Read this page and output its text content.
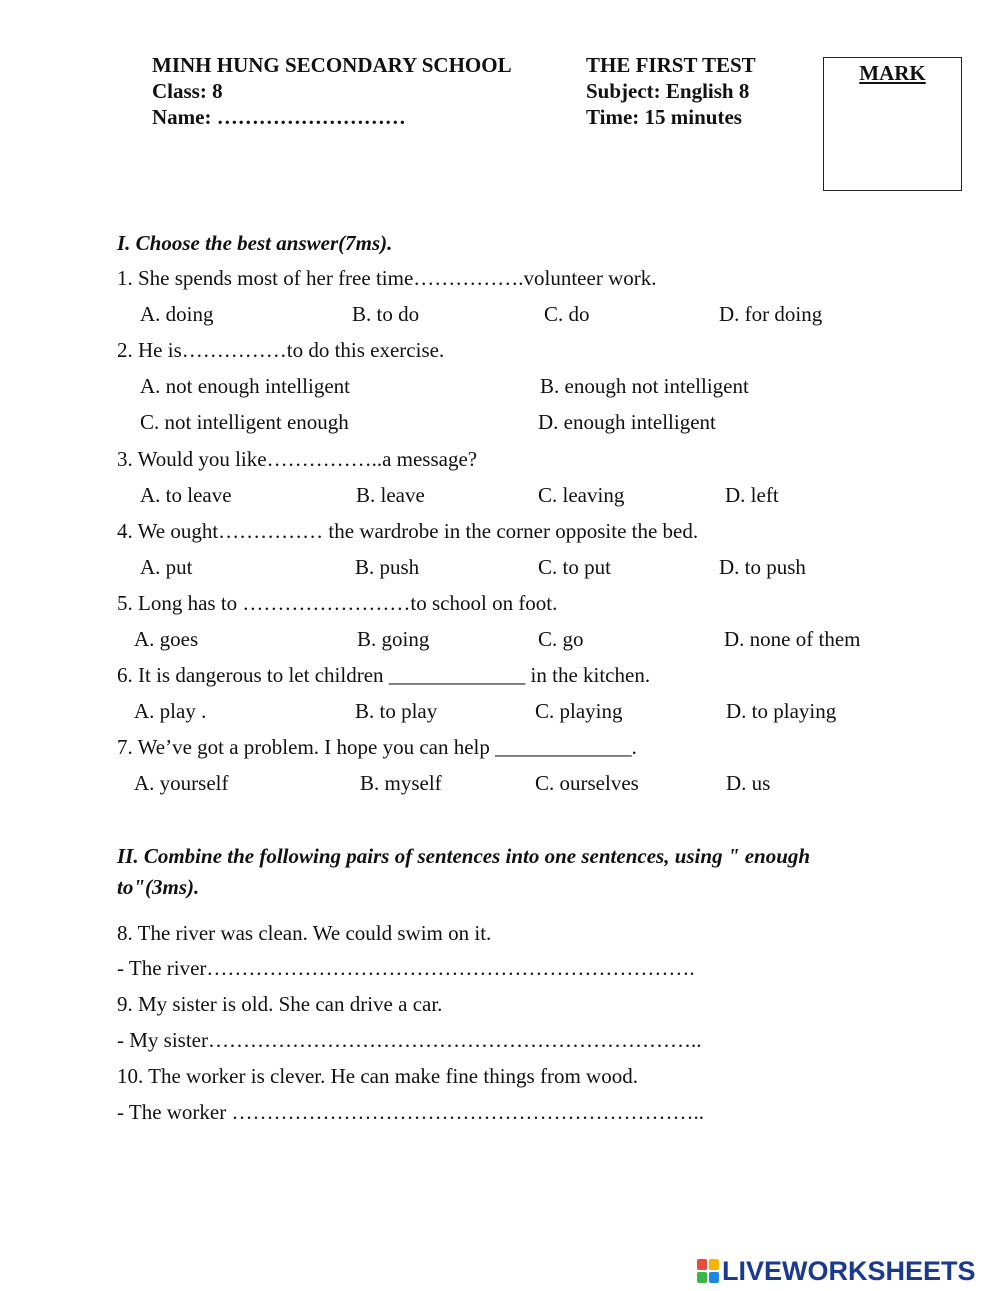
MINH HUNG SECONDARY SCHOOL
Class: 8
Name: ………………………
THE FIRST TEST
Subject: English 8
Time: 15 minutes
MARK
I. Choose the best answer(7ms).
1. She spends most of her free time…………….volunteer work.
A. doing	B. to do	C. do	D. for doing
2. He is……………to do this exercise.
A. not enough intelligent	B. enough not intelligent
C. not intelligent enough	D. enough intelligent
3. Would you like……………..a message?
A. to leave	B. leave	C. leaving	D. left
4. We ought…………… the wardrobe in the corner opposite the bed.
A. put	B. push	C. to put	D. to push
5. Long has to ……………………to school on foot.
A. goes	B. going	C. go	D. none of them
6. It is dangerous to let children _____________ in the kitchen.
A. play .	B. to play	C. playing	D. to playing
7. We’ve got a problem. I hope you can help _____________.
A. yourself	B. myself	C. ourselves	D. us
II. Combine the following pairs of sentences into one sentences, using " enough
to"(3ms).
8. The river was clean. We could swim on it.
- The river…………………………………………………………….
9. My sister is old. She can drive a car.
- My sister……………………………………………………………..
10. The worker is clever. He can make fine things from wood.
- The worker …………………………………………………………..
LIVEWORKSHEETS
